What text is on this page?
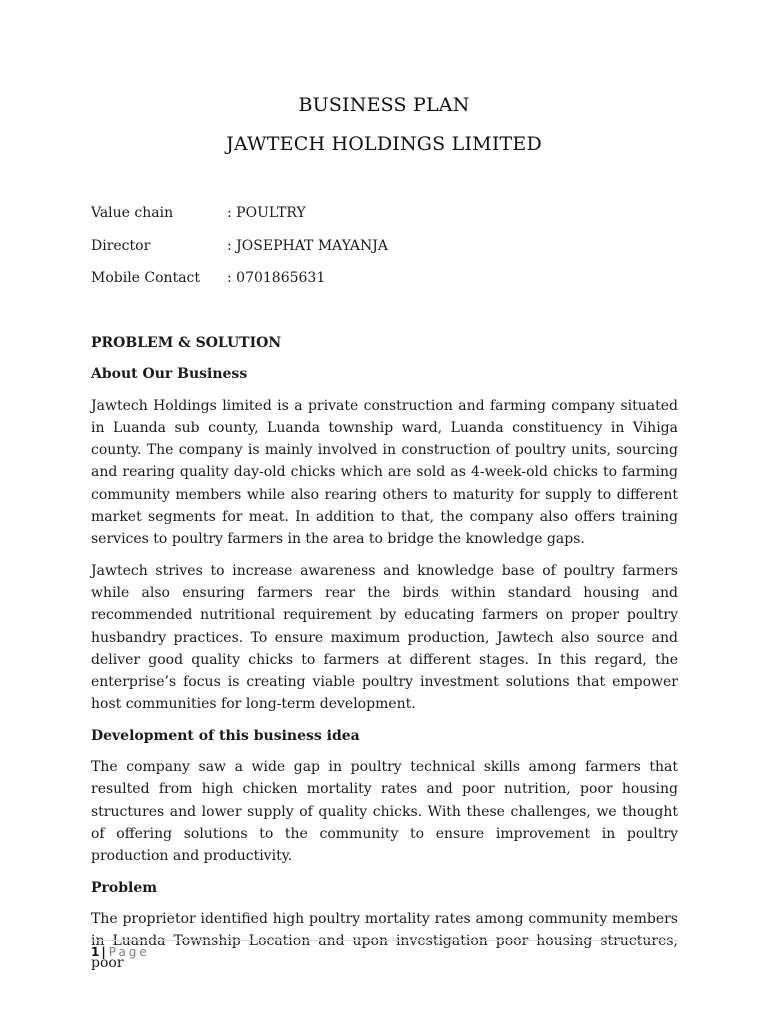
BUSINESS PLAN
JAWTECH HOLDINGS LIMITED
Value chain	: POULTRY
Director	: JOSEPHAT MAYANJA
Mobile Contact	: 0701865631
PROBLEM & SOLUTION
About Our Business

Jawtech Holdings limited is a private construction and farming company situated in Luanda sub county, Luanda township ward, Luanda constituency in Vihiga county. The company is mainly involved in construction of poultry units, sourcing and rearing quality day-old chicks which are sold as 4-week-old chicks to farming community members while also rearing others to maturity for supply to different market segments for meat. In addition to that, the company also offers training services to poultry farmers in the area to bridge the knowledge gaps.

Jawtech strives to increase awareness and knowledge base of poultry farmers while also ensuring farmers rear the birds within standard housing and recommended nutritional requirement by educating farmers on proper poultry husbandry practices. To ensure maximum production, Jawtech also source and deliver good quality chicks to farmers at different stages. In this regard, the enterprise’s focus is creating viable poultry investment solutions that empower host communities for long-term development.

Development of this business idea

The company saw a wide gap in poultry technical skills among farmers that resulted from high chicken mortality rates and poor nutrition, poor housing structures and lower supply of quality chicks. With these challenges, we thought of offering solutions to the community to ensure improvement in poultry production and productivity.

Problem

The proprietor identified high poultry mortality rates among community members in Luanda Township Location and upon investigation poor housing structures, poor

1 | Page
